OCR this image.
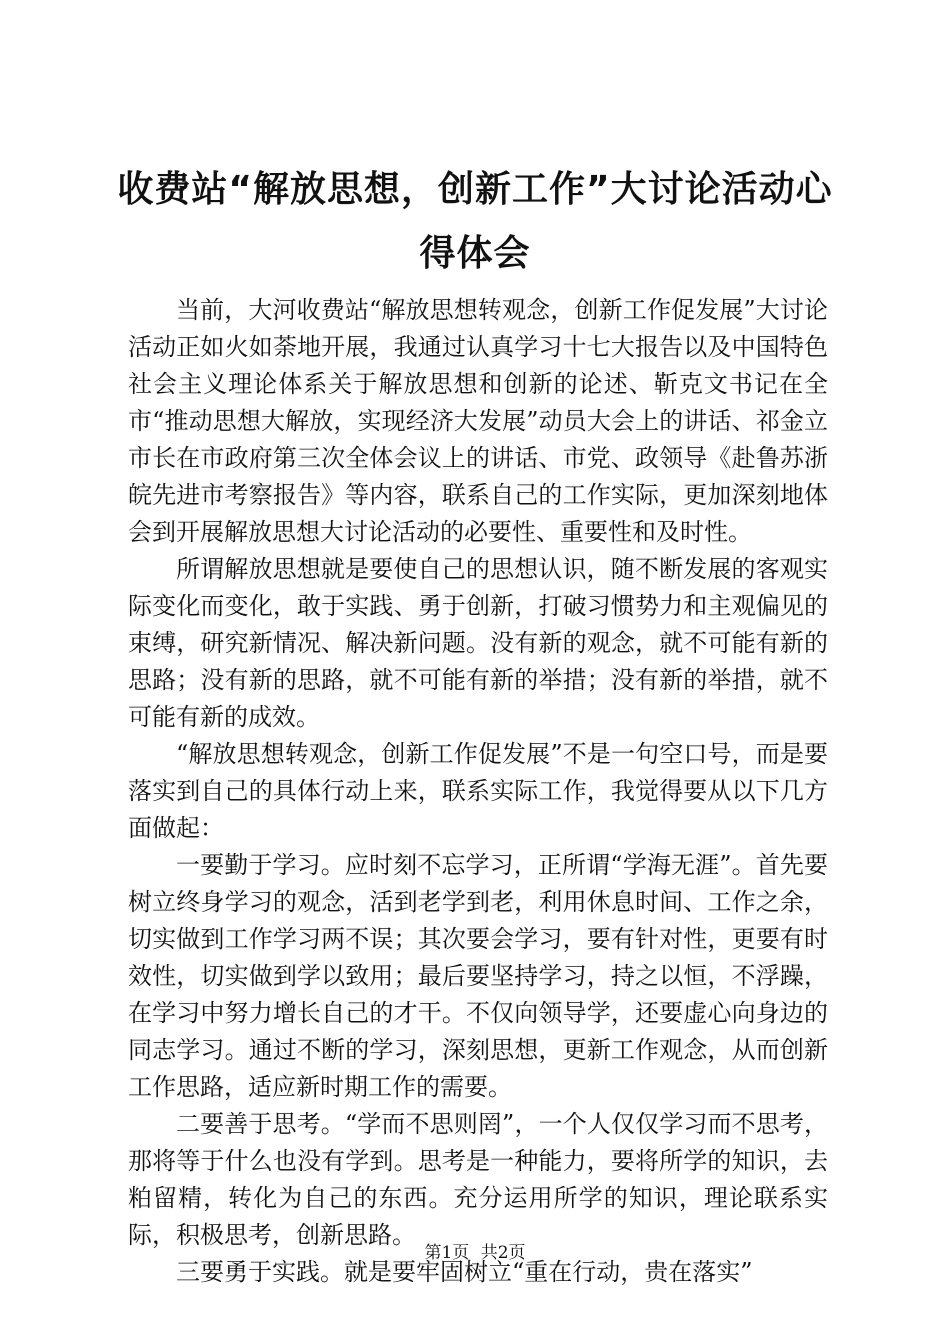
收费站“解放思想，创新工作”大讨论活动心
得体会

当前，大河收费站“解放思想转观念，创新工作促发展”大讨论活动正如火如荼地开展，我通过认真学习十七大报告以及中国特色社会主义理论体系关于解放思想和创新的论述、靳克文书记在全市“推动思想大解放，实现经济大发展”动员大会上的讲话、祁金立市长在市政府第三次全体会议上的讲话、市党、政领导《赴鲁苏浙皖先进市考察报告》等内容，联系自己的工作实际，更加深刻地体会到开展解放思想大讨论活动的必要性、重要性和及时性。

所谓解放思想就是要使自己的思想认识，随不断发展的客观实际变化而变化，敢于实践、勇于创新，打破习惯势力和主观偏见的束缚，研究新情况、解决新问题。没有新的观念，就不可能有新的思路；没有新的思路，就不可能有新的举措；没有新的举措，就不可能有新的成效。

“解放思想转观念，创新工作促发展”不是一句空口号，而是要落实到自己的具体行动上来，联系实际工作，我觉得要从以下几方面做起：

一要勤于学习。应时刻不忘学习，正所谓“学海无涯”。首先要树立终身学习的观念，活到老学到老，利用休息时间、工作之余，切实做到工作学习两不误；其次要会学习，要有针对性，更要有时效性，切实做到学以致用；最后要坚持学习，持之以恒，不浮躁，在学习中努力增长自己的才干。不仅向领导学，还要虚心向身边的同志学习。通过不断的学习，深刻思想，更新工作观念，从而创新工作思路，适应新时期工作的需要。

二要善于思考。“学而不思则罔”，一个人仅仅学习而不思考，那将等于什么也没有学到。思考是一种能力，要将所学的知识，去粕留精，转化为自己的东西。充分运用所学的知识，理论联系实际，积极思考，创新思路。

三要勇于实践。就是要牢固树立“重在行动，贵在落实”

第1页 共2页
